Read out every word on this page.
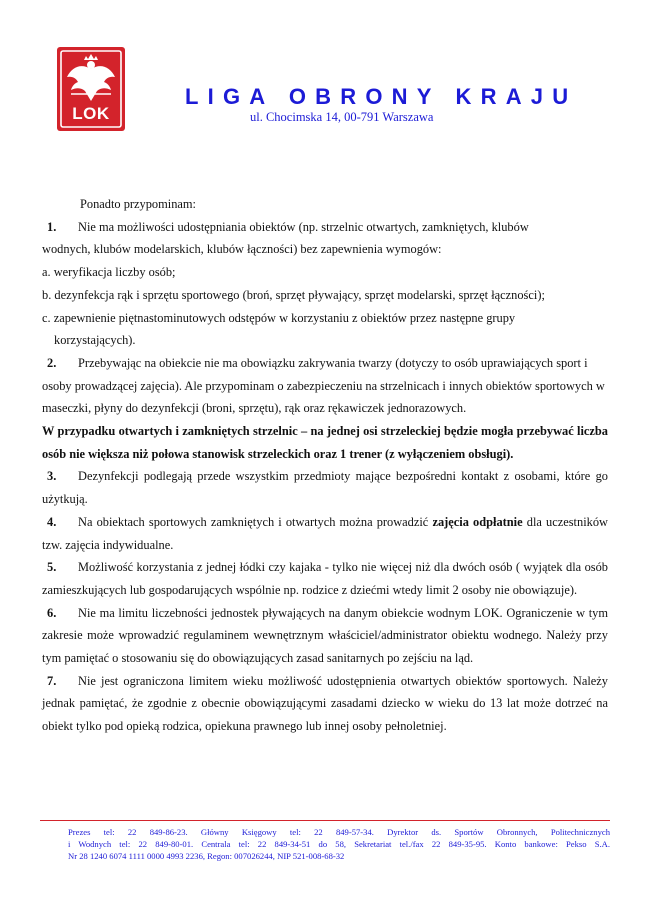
LOK
LIGA OBRONY KRAJU
ul. Chocimska 14, 00-791 Warszawa

Ponadto przypominam:

1. Nie ma możliwości udostępniania obiektów (np. strzelnic otwartych, zamkniętych, klubów

wodnych, klubów modelarskich, klubów łączności) bez zapewnienia wymogów:

a. weryfikacja liczby osób;

b. dezynfekcja rąk i sprzętu sportowego (broń, sprzęt pływający, sprzęt modelarski, sprzęt łączności);

c. zapewnienie piętnastominutowych odstępów w korzystaniu z obiektów przez następne grupy

korzystających).

2. Przebywając na obiekcie nie ma obowiązku zakrywania twarzy (dotyczy to osób uprawiających sport i osoby prowadzącej zajęcia). Ale przypominam o zabezpieczeniu na strzelnicach i innych obiektów sportowych w maseczki, płyny do dezynfekcji (broni, sprzętu), rąk oraz rękawiczek jednorazowych.

W przypadku otwartych i zamkniętych strzelnic – na jednej osi strzeleckiej będzie mogła przebywać liczba osób nie większa niż połowa stanowisk strzeleckich oraz 1 trener (z wyłączeniem obsługi).

3. Dezynfekcji podlegają przede wszystkim przedmioty mające bezpośredni kontakt z osobami, które go użytkują.

4. Na obiektach sportowych zamkniętych i otwartych można prowadzić zajęcia odpłatnie dla uczestników tzw. zajęcia indywidualne.

5. Możliwość korzystania z jednej łódki czy kajaka - tylko nie więcej niż dla dwóch osób ( wyjątek dla osób zamieszkujących lub gospodarujących wspólnie np. rodzice z dziećmi wtedy limit 2 osoby nie obowiązuje).

6. Nie ma limitu liczebności jednostek pływających na danym obiekcie wodnym LOK. Ograniczenie w tym zakresie może wprowadzić regulaminem wewnętrznym właściciel/administrator obiektu wodnego. Należy przy tym pamiętać o stosowaniu się do obowiązujących zasad sanitarnych po zejściu na ląd.

7. Nie jest ograniczona limitem wieku możliwość udostępnienia otwartych obiektów sportowych. Należy jednak pamiętać, że zgodnie z obecnie obowiązującymi zasadami dziecko w wieku do 13 lat może dotrzeć na obiekt tylko pod opieką rodzica, opiekuna prawnego lub innej osoby pełnoletniej.

Prezes tel: 22 849-86-23. Główny Księgowy tel: 22 849-57-34. Dyrektor ds. Sportów Obronnych, Politechnicznych

i Wodnych tel: 22 849-80-01. Centrala tel: 22 849-34-51 do 58, Sekretariat tel./fax 22 849-35-95. Konto bankowe: Pekso S.A.

Nr 28 1240 6074 1111 0000 4993 2236, Regon: 007026244, NIP 521-008-68-32
